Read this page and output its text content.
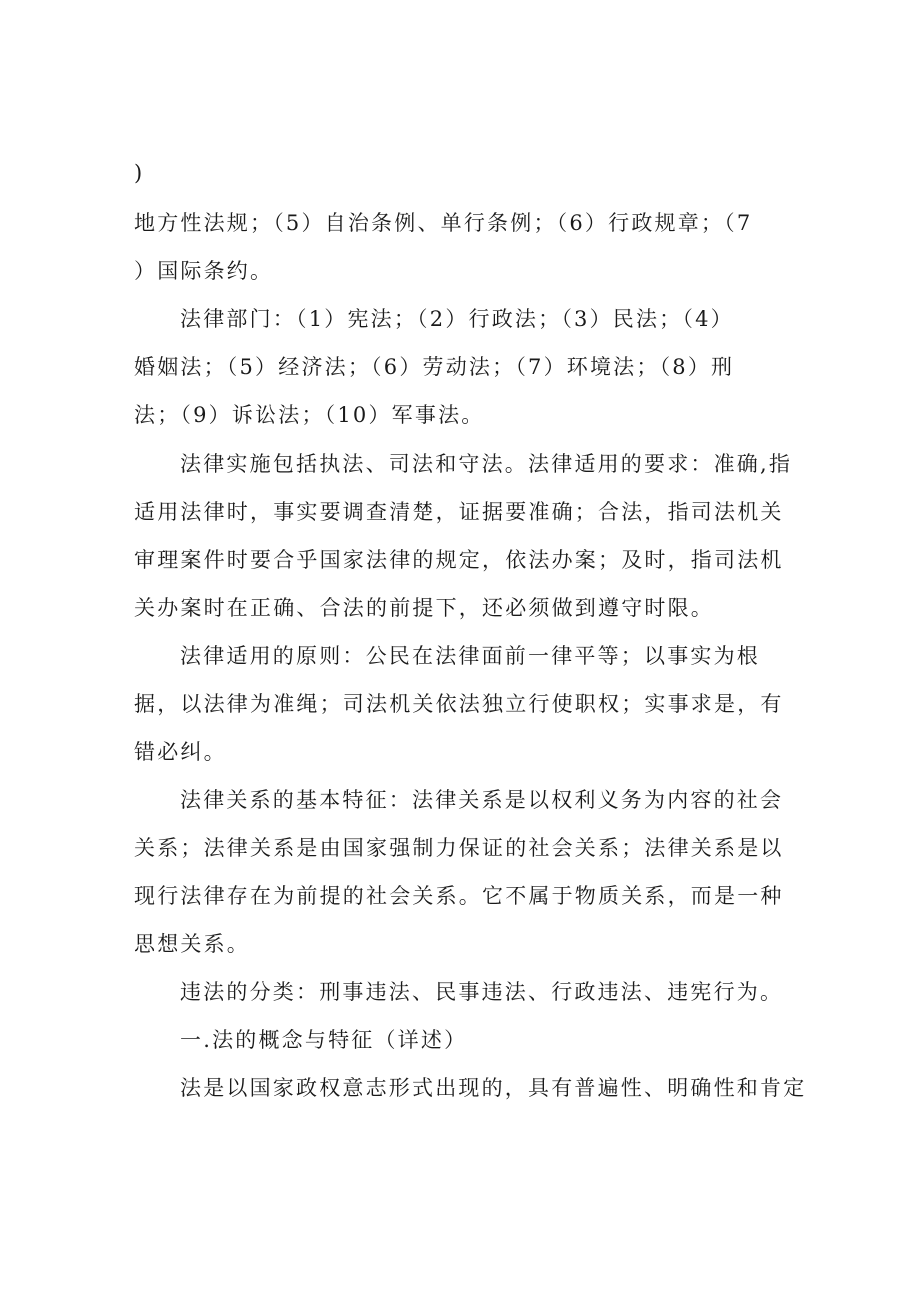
)
地方性法规；（5）自治条例、单行条例；（6）行政规章；（7
）国际条约。
法律部门：（1）宪法；（2）行政法；（3）民法；（4）
婚姻法；（5）经济法；（6）劳动法；（7）环境法；（8）刑
法；（9）诉讼法；（10）军事法。
法律实施包括执法、司法和守法。法律适用的要求：准确,指
适用法律时，事实要调查清楚，证据要准确；合法，指司法机关
审理案件时要合乎国家法律的规定，依法办案；及时，指司法机
关办案时在正确、合法的前提下，还必须做到遵守时限。
法律适用的原则：公民在法律面前一律平等；以事实为根
据，以法律为准绳；司法机关依法独立行使职权；实事求是，有
错必纠。
法律关系的基本特征：法律关系是以权利义务为内容的社会
关系；法律关系是由国家强制力保证的社会关系；法律关系是以
现行法律存在为前提的社会关系。它不属于物质关系，而是一种
思想关系。
违法的分类：刑事违法、民事违法、行政违法、违宪行为。
一.法的概念与特征（详述）
法是以国家政权意志形式出现的，具有普遍性、明确性和肯定
